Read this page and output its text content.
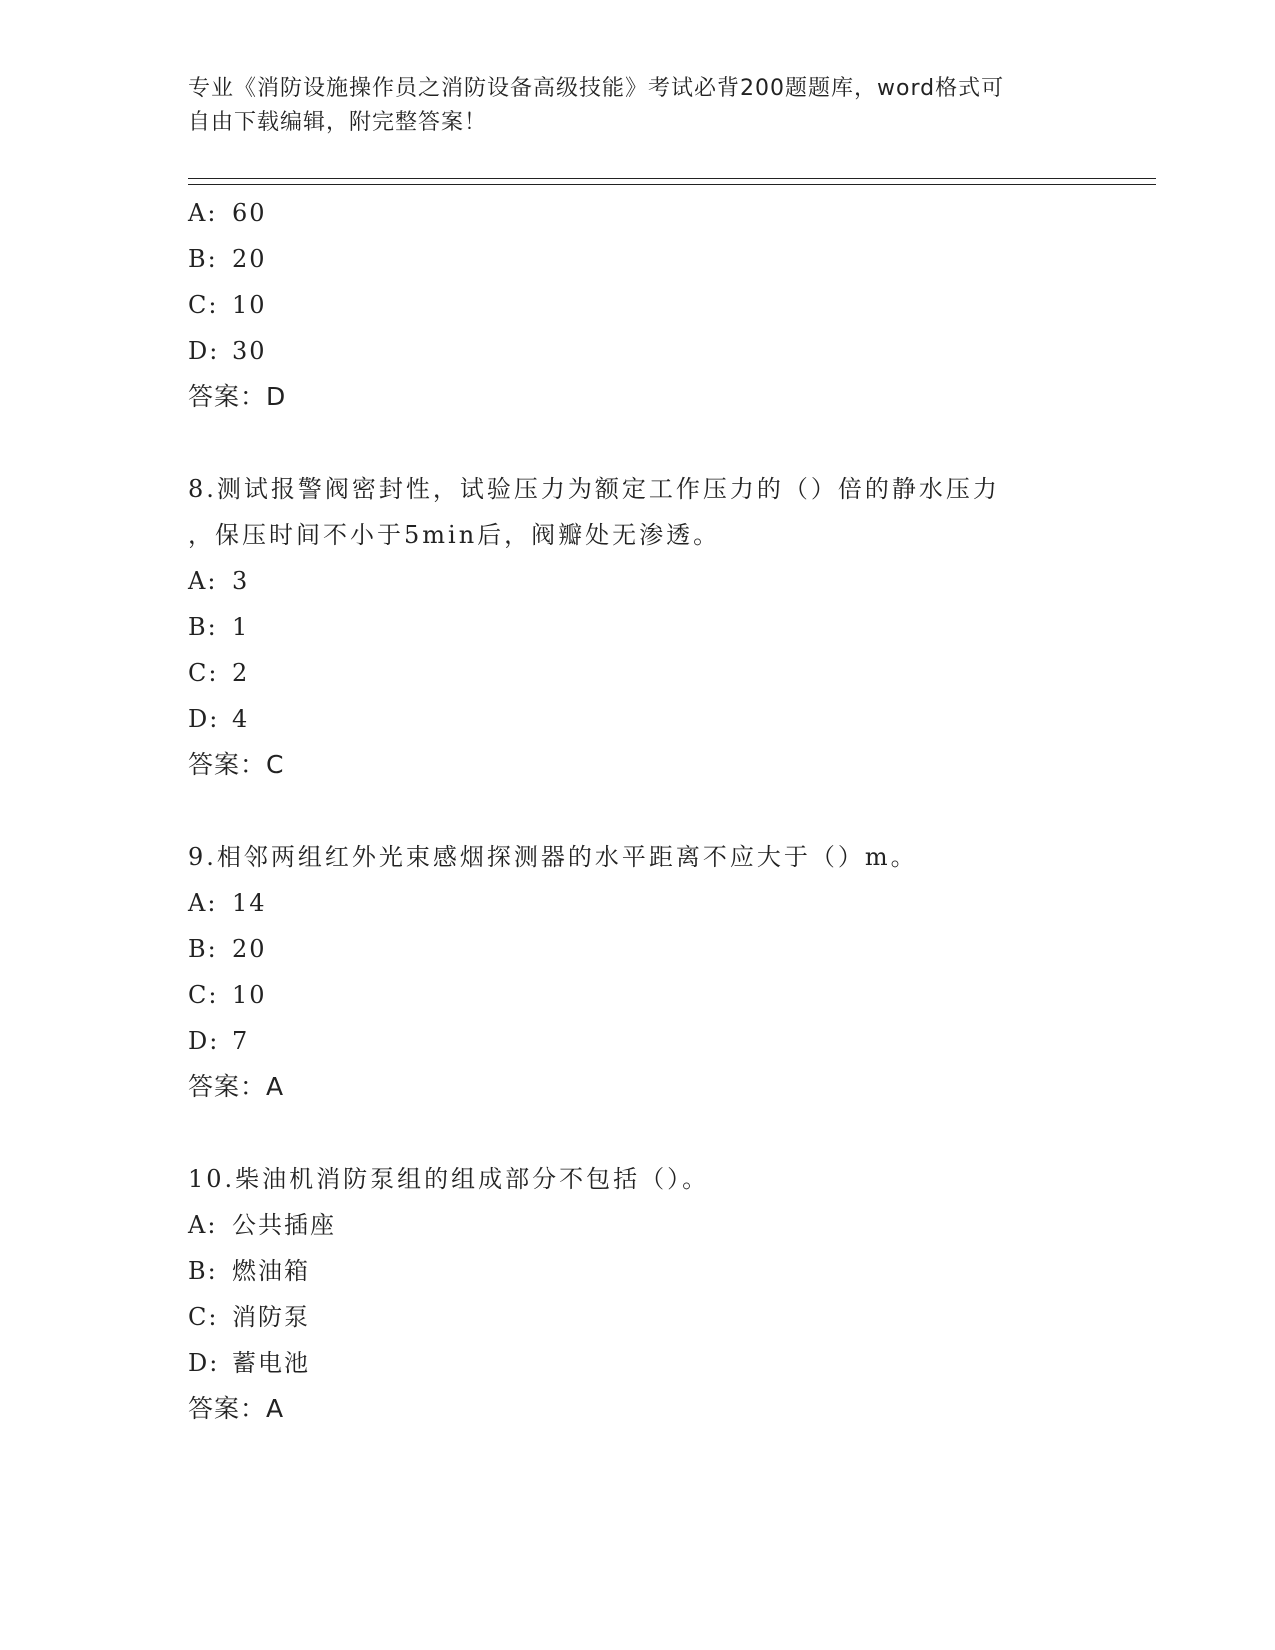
专业《消防设施操作员之消防设备高级技能》考试必背200题题库，word格式可
自由下载编辑，附完整答案！
A: 60
B: 20
C: 10
D: 30
答案：D
8.测试报警阀密封性，试验压力为额定工作压力的（）倍的静水压力
，保压时间不小于5min后，阀瓣处无渗透。
A: 3
B: 1
C: 2
D: 4
答案：C
9.相邻两组红外光束感烟探测器的水平距离不应大于（）m。
A: 14
B: 20
C: 10
D: 7
答案：A
10.柴油机消防泵组的组成部分不包括（）。
A: 公共插座
B: 燃油箱
C: 消防泵
D: 蓄电池
答案：A
